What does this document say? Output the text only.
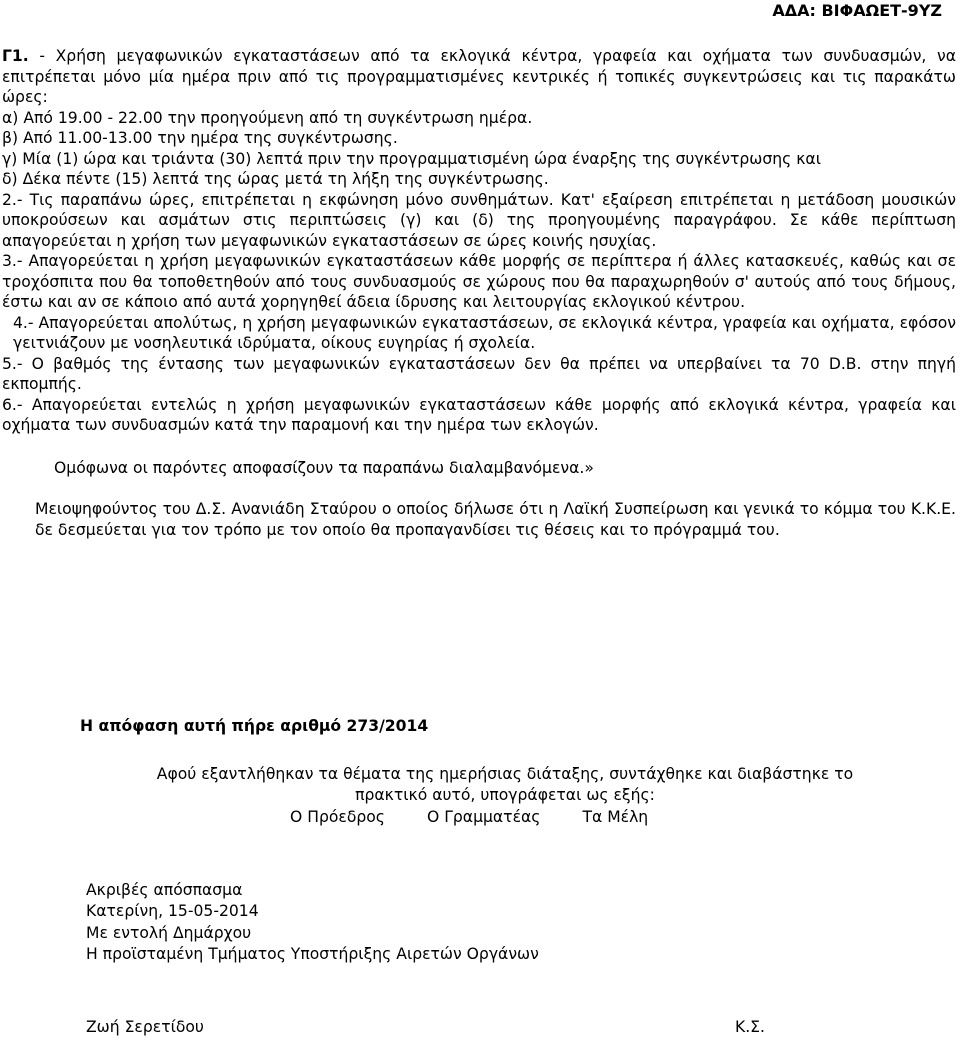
ΑΔΑ: ΒΙΦΑΩΕΤ-9ΥΖ

Γ1. - Χρήση μεγαφωνικών εγκαταστάσεων από τα εκλογικά κέντρα, γραφεία και οχήματα των συνδυασμών, να επιτρέπεται μόνο μία ημέρα πριν από τις προγραμματισμένες κεντρικές ή τοπικές συγκεντρώσεις και τις παρακάτω ώρες:

α) Από 19.00 - 22.00 την προηγούμενη από τη συγκέντρωση ημέρα.

β) Από 11.00-13.00 την ημέρα της συγκέντρωσης.

γ) Μία (1) ώρα και τριάντα (30) λεπτά πριν την προγραμματισμένη ώρα έναρξης της συγκέντρωσης και

δ) Δέκα πέντε (15) λεπτά της ώρας μετά τη λήξη της συγκέντρωσης.

2.- Τις παραπάνω ώρες, επιτρέπεται η εκφώνηση μόνο συνθημάτων. Κατ' εξαίρεση επιτρέπεται η μετάδοση μουσικών υποκρούσεων και ασμάτων στις περιπτώσεις (γ) και (δ) της προηγουμένης παραγράφου. Σε κάθε περίπτωση απαγορεύεται η χρήση των μεγαφωνικών εγκαταστάσεων σε ώρες κοινής ησυχίας.

3.- Απαγορεύεται η χρήση μεγαφωνικών εγκαταστάσεων κάθε μορφής σε περίπτερα ή άλλες κατασκευές, καθώς και σε τροχόσπιτα που θα τοποθετηθούν από τους συνδυασμούς σε χώρους που θα παραχωρηθούν σ' αυτούς από τους δήμους, έστω και αν σε κάποιο από αυτά χορηγηθεί άδεια ίδρυσης και λειτουργίας εκλογικού κέντρου.

4.- Απαγορεύεται απολύτως, η χρήση μεγαφωνικών εγκαταστάσεων, σε εκλογικά κέντρα, γραφεία και οχήματα, εφόσον γειτνιάζουν με νοσηλευτικά ιδρύματα, οίκους ευγηρίας ή σχολεία.

5.- Ο βαθμός της έντασης των μεγαφωνικών εγκαταστάσεων δεν θα πρέπει να υπερβαίνει τα 70 D.B. στην πηγή εκπομπής.

6.- Απαγορεύεται εντελώς η χρήση μεγαφωνικών εγκαταστάσεων κάθε μορφής από εκλογικά κέντρα, γραφεία και οχήματα των συνδυασμών κατά την παραμονή και την ημέρα των εκλογών.

Ομόφωνα οι παρόντες αποφασίζουν τα παραπάνω διαλαμβανόμενα.»

Μειοψηφούντος του Δ.Σ. Ανανιάδη Σταύρου ο οποίος δήλωσε ότι η Λαϊκή Συσπείρωση και γενικά το κόμμα του Κ.Κ.Ε. δε δεσμεύεται για τον τρόπο με τον οποίο θα προπαγανδίσει τις θέσεις και το πρόγραμμά του.

Η απόφαση αυτή πήρε αριθμό 273/2014
Αφού εξαντλήθηκαν τα θέματα της ημερήσιας διάταξης, συντάχθηκε και διαβάστηκε το
πρακτικό αυτό, υπογράφεται ως εξής:
Ο Πρόεδρος	Ο Γραμματέας	Τα Μέλη
Ακριβές απόσπασμα
Κατερίνη, 15-05-2014
Με εντολή Δημάρχου
Η προϊσταμένη Τμήματος Υποστήριξης Αιρετών Οργάνων
Ζωή Σερετίδου	Κ.Σ.
